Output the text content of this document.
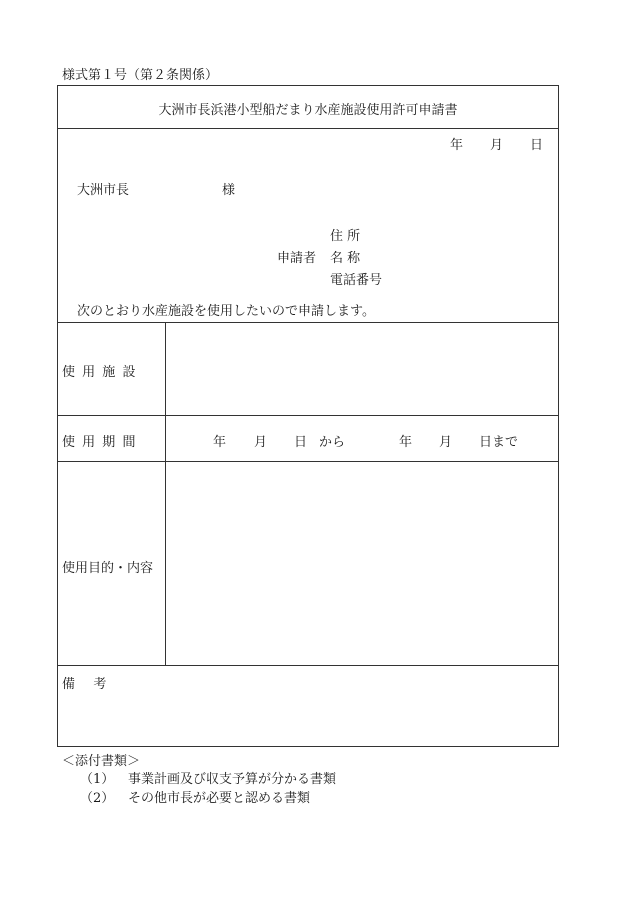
様式第１号（第２条関係）
大洲市長浜港小型船だまり水産施設使用許可申請書
年 月 日
大洲市長	様
住 所
申請者 名 称
電話番号
次のとおり水産施設を使用したいので申請します。
使用施設
使用期間	年 月 日 から	年 月 日まで
使用目的・内容
備 考
＜添付書類＞
（1） 事業計画及び収支予算が分かる書類
（2） その他市長が必要と認める書類
